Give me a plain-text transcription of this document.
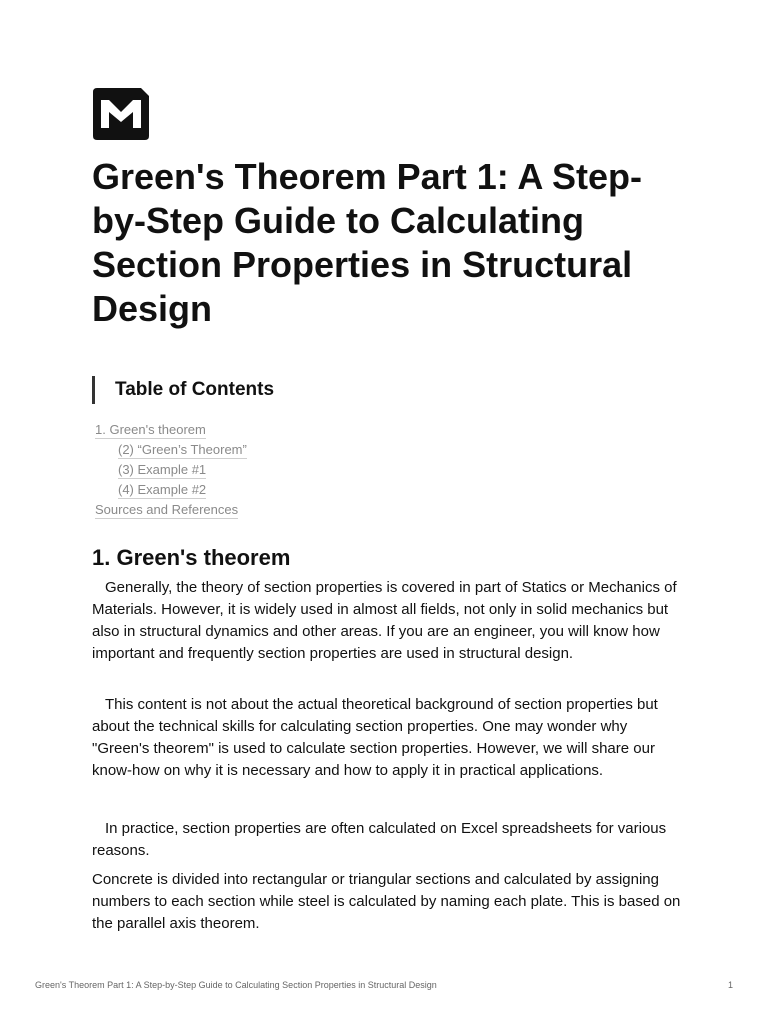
Green's Theorem Part 1: A Step-by-Step Guide to Calculating Section Properties in Structural Design
Table of Contents
1. Green's theorem
(2) “Green’s Theorem”
(3) Example #1
(4) Example #2
Sources and References
1. Green's theorem

Generally, the theory of section properties is covered in part of Statics or Mechanics of Materials. However, it is widely used in almost all fields, not only in solid mechanics but also in structural dynamics and other areas. If you are an engineer, you will know how important and frequently section properties are used in structural design.

This content is not about the actual theoretical background of section properties but about the technical skills for calculating section properties. One may wonder why "Green's theorem" is used to calculate section properties. However, we will share our know-how on why it is necessary and how to apply it in practical applications.

In practice, section properties are often calculated on Excel spreadsheets for various reasons.

Concrete is divided into rectangular or triangular sections and calculated by assigning numbers to each section while steel is calculated by naming each plate. This is based on the parallel axis theorem.

Green's Theorem Part 1: A Step-by-Step Guide to Calculating Section Properties in Structural Design	1
